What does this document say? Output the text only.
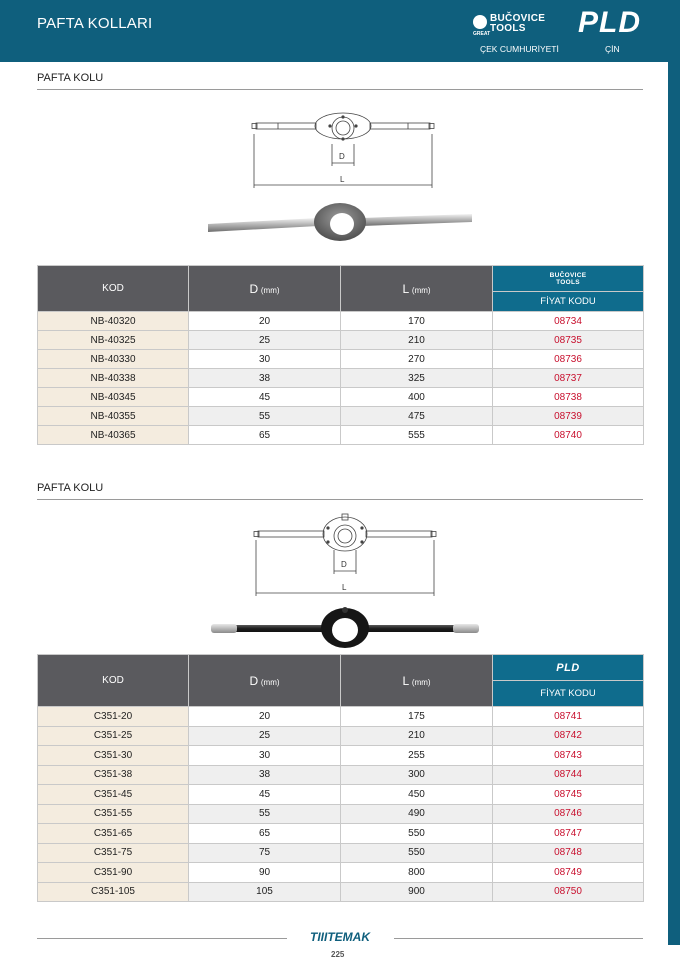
PAFTA KOLLARI
GREAT
BUČOVICE
TOOLS	PLD
ÇEK CUMHURİYETİ	ÇİN
PAFTA KOLU
D
L
KOD	D (mm)	L (mm)	BUČOVICE
TOOLS

			FİYAT KODU
NB-40320	20	170	08734
NB-40325	25	210	08735
NB-40330	30	270	08736
NB-40338	38	325	08737
NB-40345	45	400	08738
NB-40355	55	475	08739
NB-40365	65	555	08740
PAFTA KOLU
D
L
KOD	D (mm)	L (mm)	PLD
			FİYAT KODU
C351-20	20	175	08741
C351-25	25	210	08742
C351-30	30	255	08743
C351-38	38	300	08744
C351-45	45	450	08745
C351-55	55	490	08746
C351-65	65	550	08747
C351-75	75	550	08748
C351-90	90	800	08749
C351-105	105	900	08750
TIIITEMAK
225
